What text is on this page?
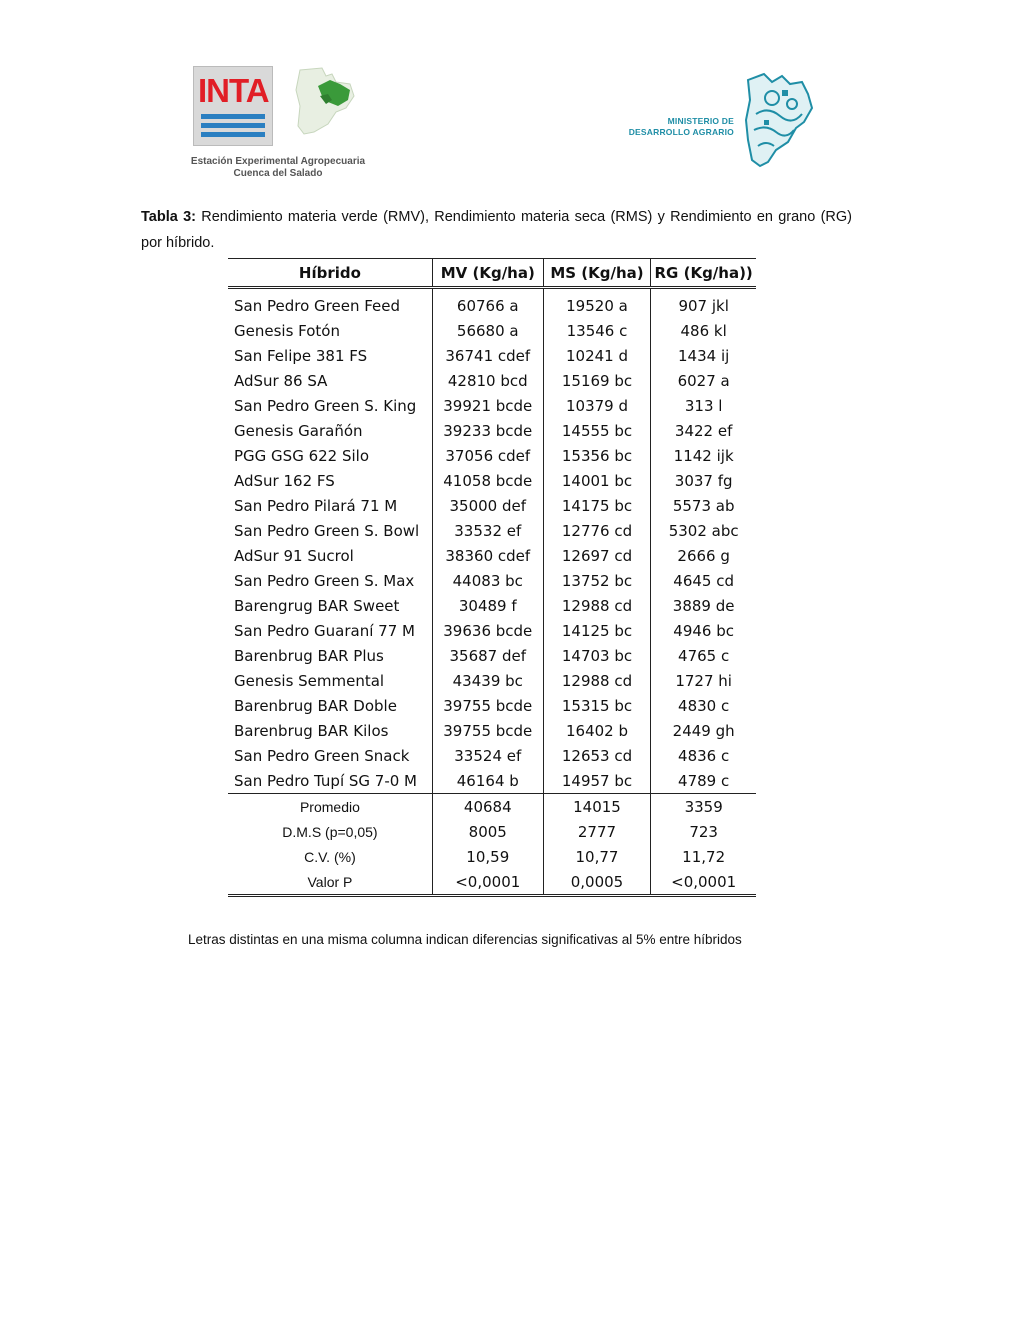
INTA
Estación Experimental Agropecuaria
Cuenca del Salado
MINISTERIO DE
DESARROLLO AGRARIO
Tabla 3: Rendimiento materia verde (RMV), Rendimiento materia seca (RMS) y Rendimiento en grano (RG) por híbrido.
Híbrido	MV (Kg/ha)	MS (Kg/ha)	RG (Kg/ha))
San Pedro Green Feed	60766 a	19520 a	907 jkl
Genesis Fotón	56680 a	13546 c	486 kl
San Felipe 381 FS	36741 cdef	10241 d	1434 ij
AdSur 86 SA	42810 bcd	15169 bc	6027 a
San Pedro Green S. King	39921 bcde	10379 d	313 l
Genesis Garañón	39233 bcde	14555 bc	3422 ef
PGG GSG 622 Silo	37056 cdef	15356 bc	1142 ijk
AdSur 162 FS	41058 bcde	14001 bc	3037 fg
San Pedro Pilará 71 M	35000 def	14175 bc	5573 ab
San Pedro Green S. Bowl	33532 ef	12776 cd	5302 abc
AdSur 91 Sucrol	38360 cdef	12697 cd	2666 g
San Pedro Green S. Max	44083 bc	13752 bc	4645 cd
Barengrug BAR Sweet	30489 f	12988 cd	3889 de
San Pedro Guaraní 77 M	39636 bcde	14125 bc	4946 bc
Barenbrug BAR Plus	35687 def	14703 bc	4765 c
Genesis Semmental	43439 bc	12988 cd	1727 hi
Barenbrug BAR Doble	39755 bcde	15315 bc	4830 c
Barenbrug BAR Kilos	39755 bcde	16402 b	2449 gh
San Pedro Green Snack	33524 ef	12653 cd	4836 c
San Pedro Tupí SG 7-0 M	46164 b	14957 bc	4789 c
Promedio	40684	14015	3359
D.M.S (p=0,05)	8005	2777	723
C.V. (%)	10,59	10,77	11,72
Valor P	<0,0001	0,0005	<0,0001
Letras distintas en una misma columna indican diferencias significativas al 5% entre híbridos
